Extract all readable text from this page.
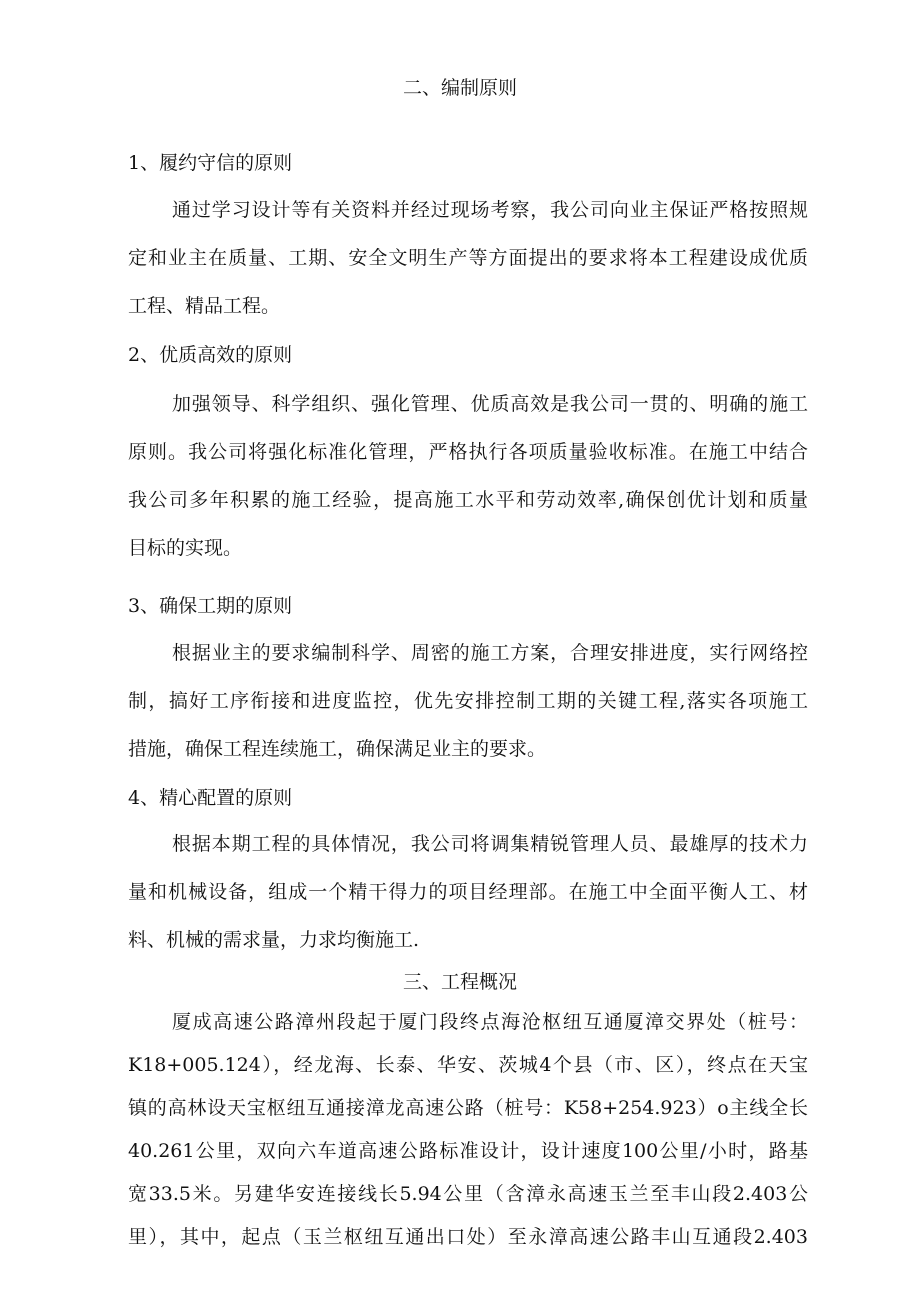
二、编制原则
1、履约守信的原则
通过学习设计等有关资料并经过现场考察，我公司向业主保证严格按照规
定和业主在质量、工期、安全文明生产等方面提出的要求将本工程建设成优质
工程、精品工程。
2、优质高效的原则
加强领导、科学组织、强化管理、优质高效是我公司一贯的、明确的施工
原则。我公司将强化标准化管理，严格执行各项质量验收标准。在施工中结合
我公司多年积累的施工经验，提高施工水平和劳动效率,确保创优计划和质量
目标的实现。
3、确保工期的原则
根据业主的要求编制科学、周密的施工方案，合理安排进度，实行网络控
制，搞好工序衔接和进度监控，优先安排控制工期的关键工程,落实各项施工
措施，确保工程连续施工，确保满足业主的要求。
4、精心配置的原则
根据本期工程的具体情况，我公司将调集精锐管理人员、最雄厚的技术力
量和机械设备，组成一个精干得力的项目经理部。在施工中全面平衡人工、材
料、机械的需求量，力求均衡施工.
三、工程概况
厦成高速公路漳州段起于厦门段终点海沧枢纽互通厦漳交界处（桩号：
K18+005.124），经龙海、长泰、华安、茨城4个县（市、区），终点在天宝
镇的高林设天宝枢纽互通接漳龙高速公路（桩号：K58+254.923）o主线全长
40.261公里，双向六车道高速公路标准设计，设计速度100公里/小时，路基
宽33.5米。另建华安连接线长5.94公里（含漳永高速玉兰至丰山段2.403公
里），其中，起点（玉兰枢纽互通出口处）至永漳高速公路丰山互通段2.403
